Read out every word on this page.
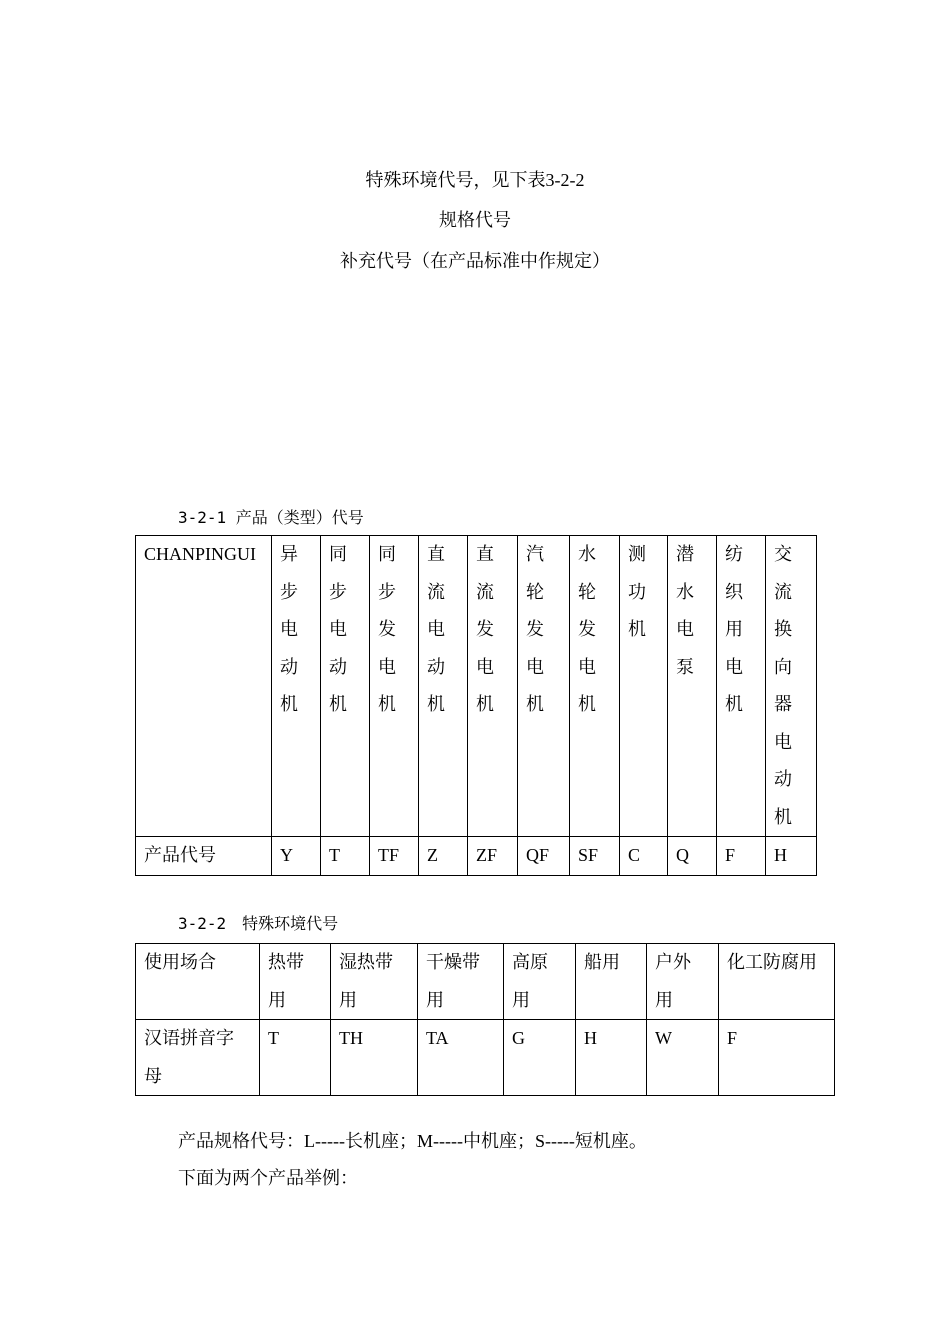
特殊环境代号，见下表3-2-2
规格代号
补充代号（在产品标准中作规定）
3-2-1 产品（类型）代号
CHANPINGUI	异步电动机	同步电动机	同步发电机	直流电动机	直流发电机	汽轮发电机	水轮发电机	测功机	潜水电泵	纺织用电机	交流换向器电动机

产品代号	Y	T	TF	Z	ZF	QF	SF	C	Q	F	H
3-2-2　特殊环境代号
使用场合	热带用	湿热带用	干燥带用	高原用	船用	户外用	化工防腐用

汉语拼音字母	T	TH	TA	G	H	W	F
产品规格代号：L-----长机座；M-----中机座；S-----短机座。
下面为两个产品举例：
